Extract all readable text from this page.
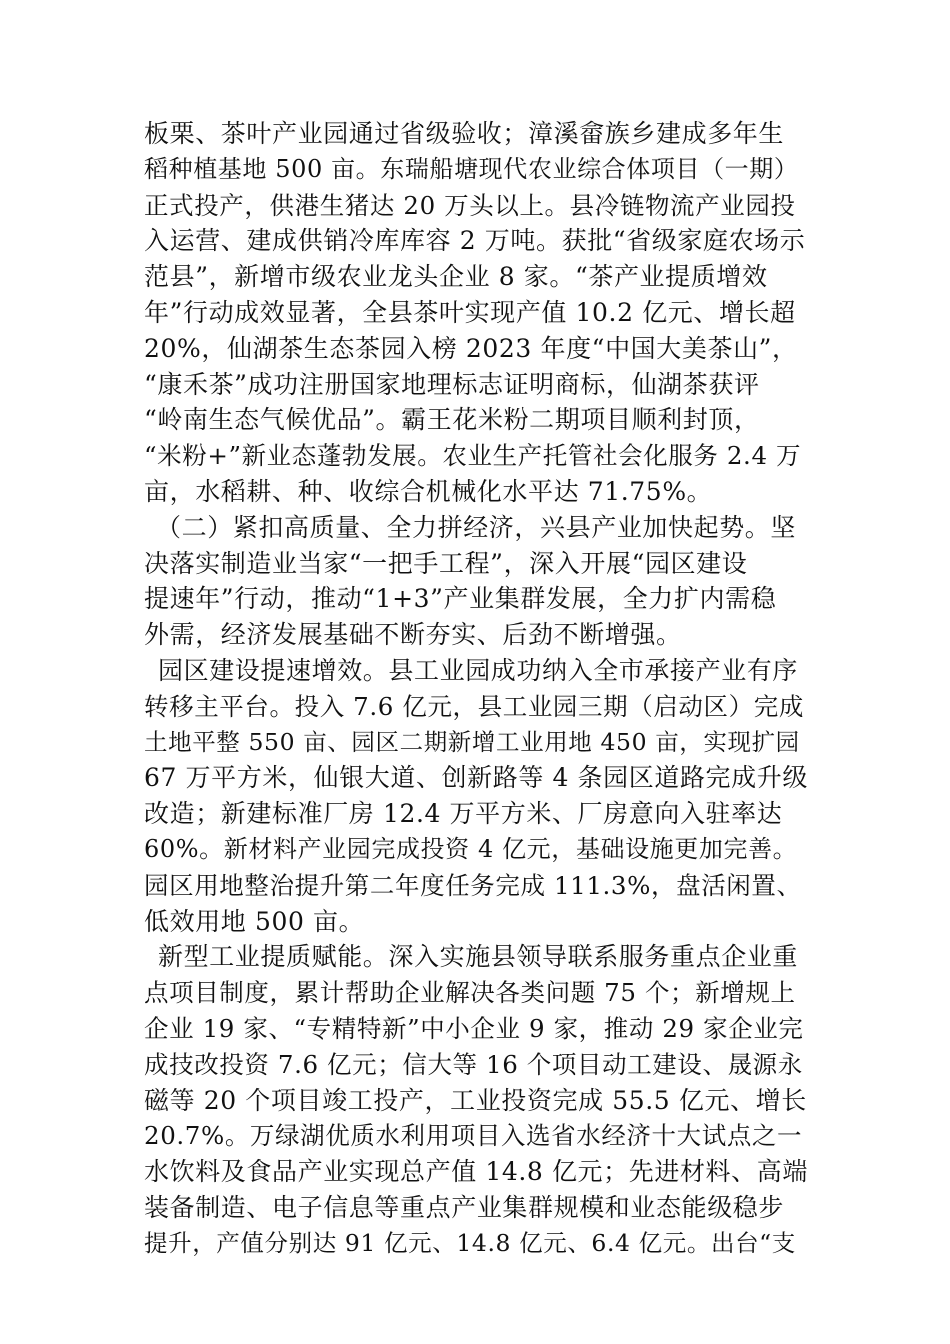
板栗、茶叶产业园通过省级验收；漳溪畲族乡建成多年生
稻种植基地 500 亩。东瑞船塘现代农业综合体项目（一期）
正式投产，供港生猪达 20 万头以上。县冷链物流产业园投
入运营、建成供销冷库库容 2 万吨。获批“省级家庭农场示
范县”，新增市级农业龙头企业 8 家。“茶产业提质增效
年”行动成效显著，全县茶叶实现产值 10.2 亿元、增长超
20%，仙湖茶生态茶园入榜 2023 年度“中国大美茶山”，
“康禾茶”成功注册国家地理标志证明商标，仙湖茶获评
“岭南生态气候优品”。霸王花米粉二期项目顺利封顶，
“米粉+”新业态蓬勃发展。农业生产托管社会化服务 2.4 万
亩，水稻耕、种、收综合机械化水平达 71.75%。
（二）紧扣高质量、全力拼经济，兴县产业加快起势。坚
决落实制造业当家“一把手工程”，深入开展“园区建设
提速年”行动，推动“1+3”产业集群发展，全力扩内需稳
外需，经济发展基础不断夯实、后劲不断增强。
园区建设提速增效。县工业园成功纳入全市承接产业有序
转移主平台。投入 7.6 亿元，县工业园三期（启动区）完成
土地平整 550 亩、园区二期新增工业用地 450 亩，实现扩园
67 万平方米，仙银大道、创新路等 4 条园区道路完成升级
改造；新建标准厂房 12.4 万平方米、厂房意向入驻率达
60%。新材料产业园完成投资 4 亿元，基础设施更加完善。
园区用地整治提升第二年度任务完成 111.3%，盘活闲置、
低效用地 500 亩。
新型工业提质赋能。深入实施县领导联系服务重点企业重
点项目制度，累计帮助企业解决各类问题 75 个；新增规上
企业 19 家、“专精特新”中小企业 9 家，推动 29 家企业完
成技改投资 7.6 亿元；信大等 16 个项目动工建设、晟源永
磁等 20 个项目竣工投产，工业投资完成 55.5 亿元、增长
20.7%。万绿湖优质水利用项目入选省水经济十大试点之一
水饮料及食品产业实现总产值 14.8 亿元；先进材料、高端
装备制造、电子信息等重点产业集群规模和业态能级稳步
提升，产值分别达 91 亿元、14.8 亿元、6.4 亿元。出台“支
